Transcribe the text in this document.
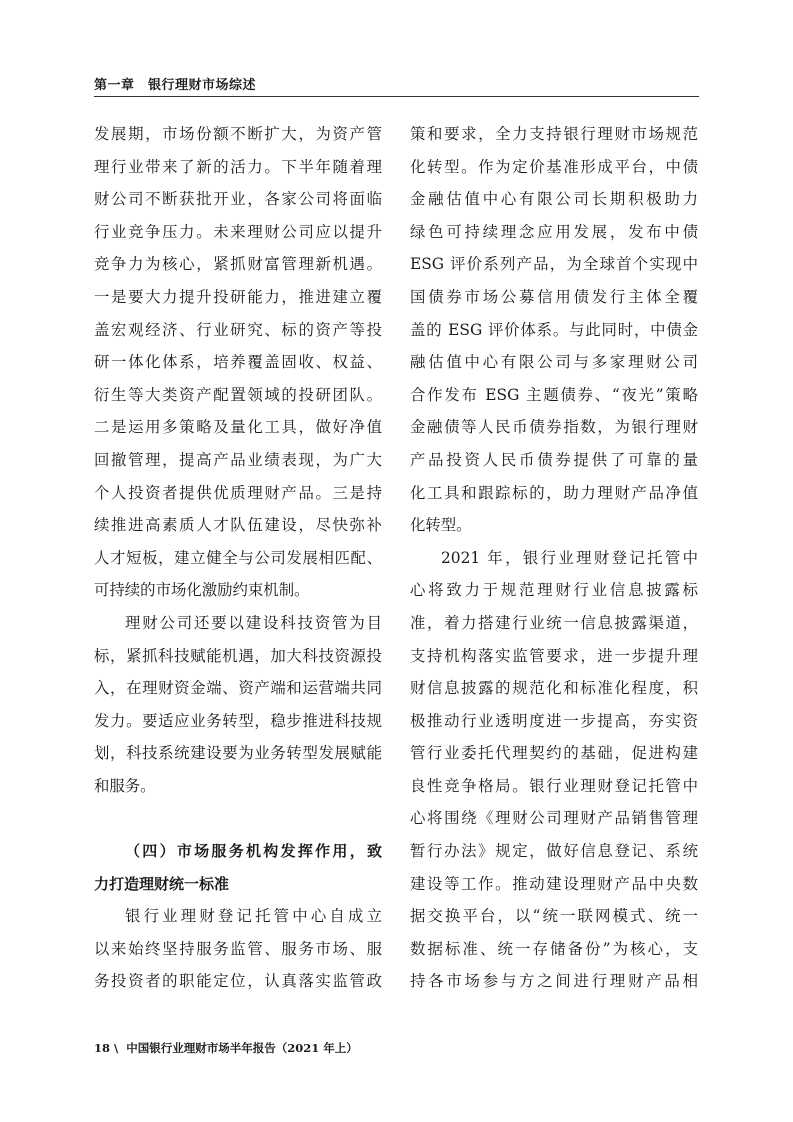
第一章　银行理财市场综述
发展期，市场份额不断扩大，为资产管
理行业带来了新的活力。下半年随着理
财公司不断获批开业，各家公司将面临
行业竞争压力。未来理财公司应以提升
竞争力为核心，紧抓财富管理新机遇。
一是要大力提升投研能力，推进建立覆
盖宏观经济、行业研究、标的资产等投
研一体化体系，培养覆盖固收、权益、
衍生等大类资产配置领域的投研团队。
二是运用多策略及量化工具，做好净值
回撤管理，提高产品业绩表现，为广大
个人投资者提供优质理财产品。三是持
续推进高素质人才队伍建设，尽快弥补
人才短板，建立健全与公司发展相匹配、
可持续的市场化激励约束机制。
理财公司还要以建设科技资管为目
标，紧抓科技赋能机遇，加大科技资源投
入，在理财资金端、资产端和运营端共同
发力。要适应业务转型，稳步推进科技规
划，科技系统建设要为业务转型发展赋能
和服务。
（四）市场服务机构发挥作用，致
力打造理财统一标准
银行业理财登记托管中心自成立
以来始终坚持服务监管、服务市场、服
务投资者的职能定位，认真落实监管政
策和要求，全力支持银行理财市场规范
化转型。作为定价基准形成平台，中债
金融估值中心有限公司长期积极助力
绿色可持续理念应用发展，发布中债
ESG 评价系列产品，为全球首个实现中
国债券市场公募信用债发行主体全覆
盖的 ESG 评价体系。与此同时，中债金
融估值中心有限公司与多家理财公司
合作发布 ESG 主题债券、“夜光”策略
金融债等人民币债券指数，为银行理财
产品投资人民币债券提供了可靠的量
化工具和跟踪标的，助力理财产品净值
化转型。
2021 年，银行业理财登记托管中
心将致力于规范理财行业信息披露标
准，着力搭建行业统一信息披露渠道，
支持机构落实监管要求，进一步提升理
财信息披露的规范化和标准化程度，积
极推动行业透明度进一步提高，夯实资
管行业委托代理契约的基础，促进构建
良性竞争格局。银行业理财登记托管中
心将围绕《理财公司理财产品销售管理
暂行办法》规定，做好信息登记、系统
建设等工作。推动建设理财产品中央数
据交换平台，以“统一联网模式、统一
数据标准、统一存储备份”为核心，支
持各市场参与方之间进行理财产品相
18 \  中国银行业理财市场半年报告（2021 年上）
